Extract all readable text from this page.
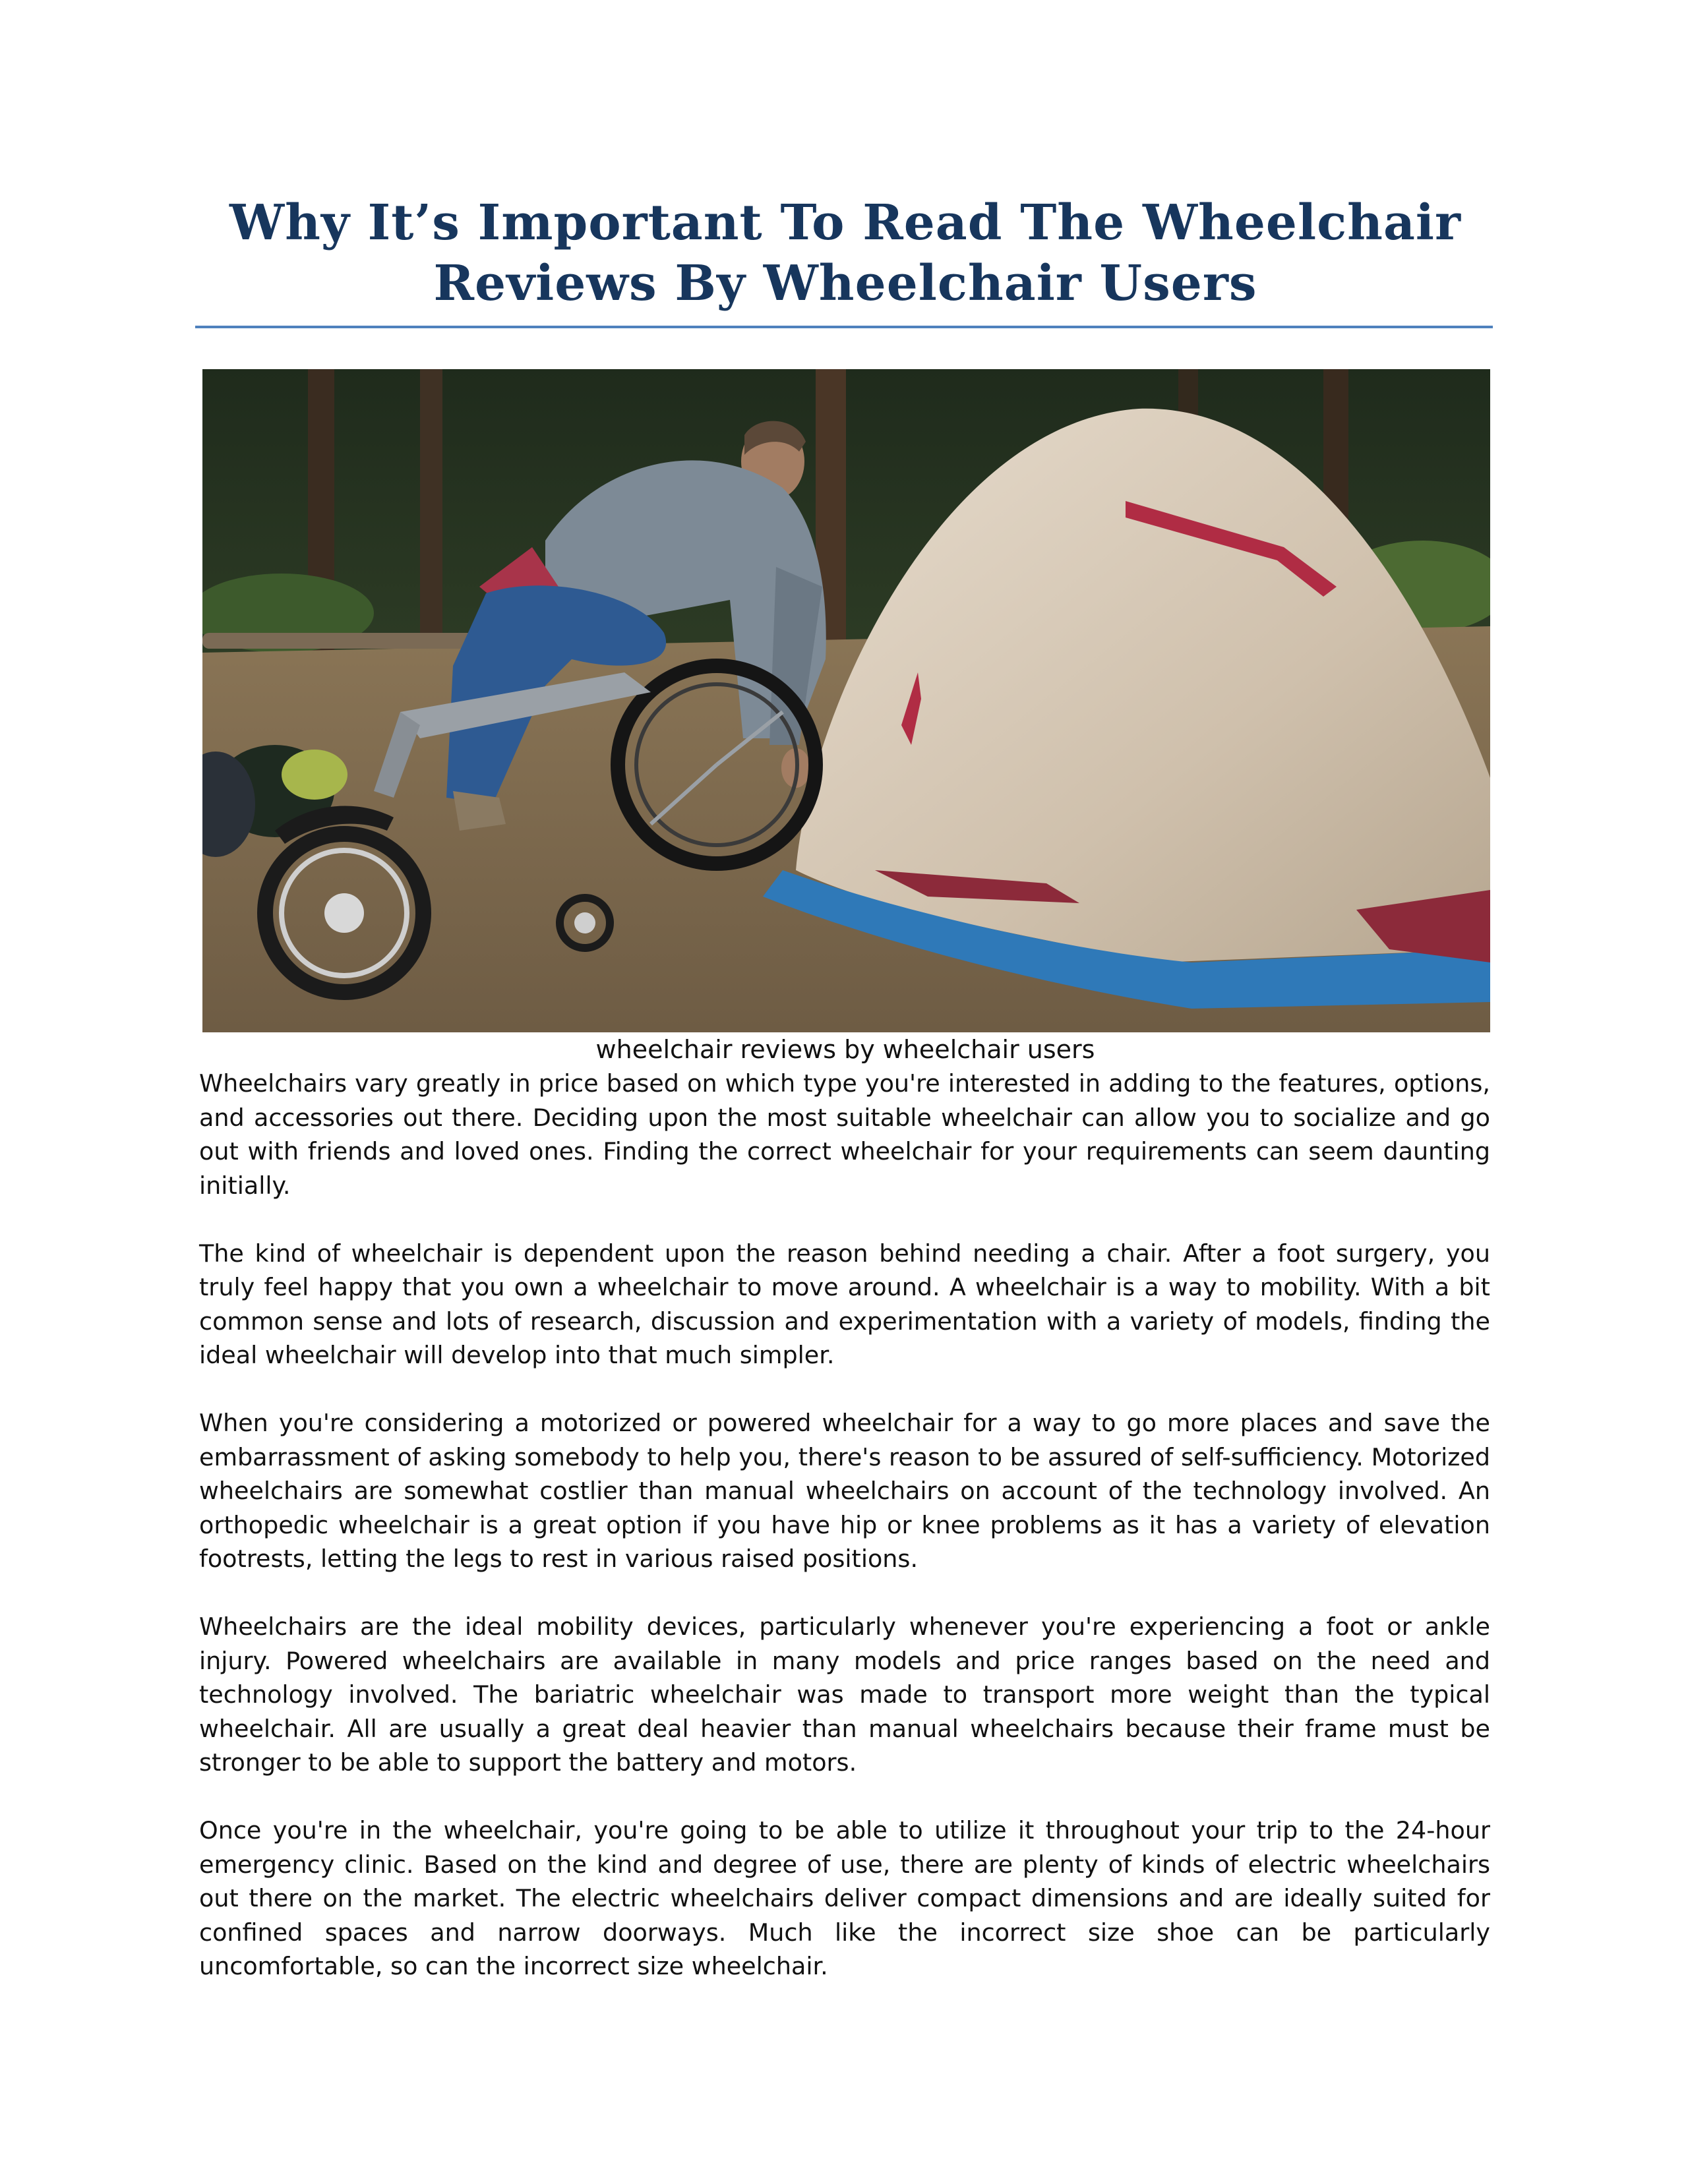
Why It’s Important To Read The Wheelchair Reviews By Wheelchair Users
wheelchair reviews by wheelchair users

Wheelchairs vary greatly in price based on which type you're interested in adding to the features, options, and accessories out there. Deciding upon the most suitable wheelchair can allow you to socialize and go out with friends and loved ones. Finding the correct wheelchair for your requirements can seem daunting initially.

The kind of wheelchair is dependent upon the reason behind needing a chair. After a foot surgery, you truly feel happy that you own a wheelchair to move around. A wheelchair is a way to mobility. With a bit common sense and lots of research, discussion and experimentation with a variety of models, finding the ideal wheelchair will develop into that much simpler.

When you're considering a motorized or powered wheelchair for a way to go more places and save the embarrassment of asking somebody to help you, there's reason to be assured of self-sufficiency. Motorized wheelchairs are somewhat costlier than manual wheelchairs on account of the technology involved. An orthopedic wheelchair is a great option if you have hip or knee problems as it has a variety of elevation footrests, letting the legs to rest in various raised positions.

Wheelchairs are the ideal mobility devices, particularly whenever you're experiencing a foot or ankle injury. Powered wheelchairs are available in many models and price ranges based on the need and technology involved. The bariatric wheelchair was made to transport more weight than the typical wheelchair. All are usually a great deal heavier than manual wheelchairs because their frame must be stronger to be able to support the battery and motors.

Once you're in the wheelchair, you're going to be able to utilize it throughout your trip to the 24-hour emergency clinic. Based on the kind and degree of use, there are plenty of kinds of electric wheelchairs out there on the market. The electric wheelchairs deliver compact dimensions and are ideally suited for confined spaces and narrow doorways. Much like the incorrect size shoe can be particularly uncomfortable, so can the incorrect size wheelchair.
